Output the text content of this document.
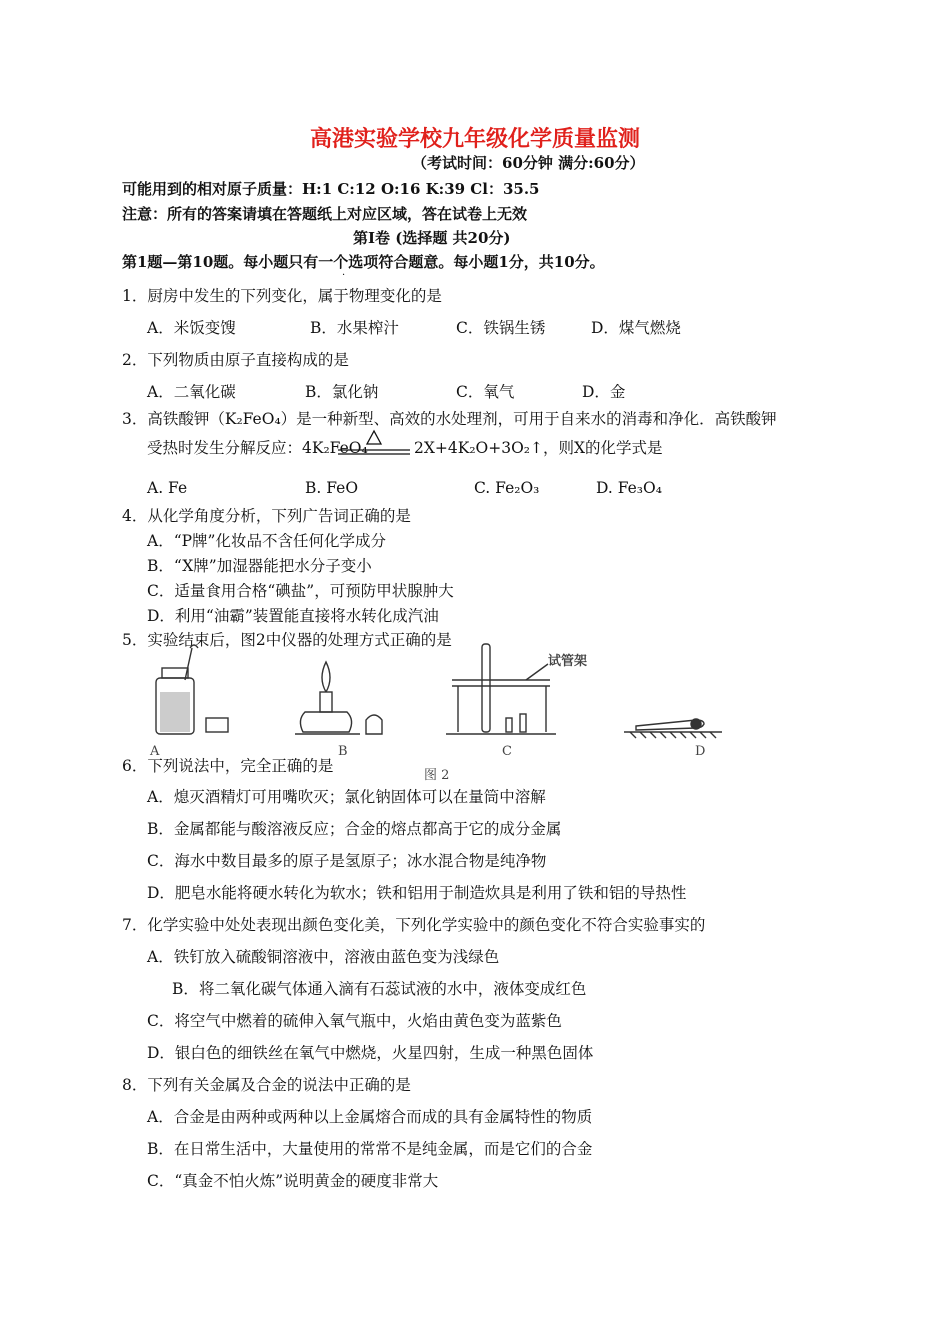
高港实验学校九年级化学质量监测
（考试时间：60分钟 满分:60分）
可能用到的相对原子质量：H:1 C:12 O:16 K:39 Cl：35.5
注意：所有的答案请填在答题纸上对应区域，答在试卷上无效
第Ⅰ卷 (选择题 共20分)
第1题—第10题。每小题只有一个选项符合题意。每小题1分，共10分。
·
1．厨房中发生的下列变化，属于物理变化的是
A．米饭变馊	B．水果榨汁	C．铁锅生锈	D．煤气燃烧
2．下列物质由原子直接构成的是
A．二氧化碳	B．氯化钠	C．氧气	D．金
3．高铁酸钾（K₂FeO₄）是一种新型、高效的水处理剂，可用于自来水的消毒和净化．高铁酸钾
受热时发生分解反应：4K₂FeO₄	2X+4K₂O+3O₂↑，则X的化学式是
A. Fe	B. FeO	C. Fe₂O₃	D. Fe₃O₄
4．从化学角度分析，下列广告词正确的是
A．“P牌”化妆品不含任何化学成分
B．“X牌”加湿器能把水分子变小
C．适量食用合格“碘盐”，可预防甲状腺肿大
D．利用“油霸”装置能直接将水转化成汽油
5．实验结束后，图2中仪器的处理方式正确的是
A	B	C	D
试管架
图 2
6．下列说法中，完全正确的是
A．熄灭酒精灯可用嘴吹灭；氯化钠固体可以在量筒中溶解
B．金属都能与酸溶液反应；合金的熔点都高于它的成分金属
C．海水中数目最多的原子是氢原子；冰水混合物是纯净物
D．肥皂水能将硬水转化为软水；铁和铝用于制造炊具是利用了铁和铝的导热性
7．化学实验中处处表现出颜色变化美，下列化学实验中的颜色变化不符合实验事实的
A．铁钉放入硫酸铜溶液中，溶液由蓝色变为浅绿色
B．将二氧化碳气体通入滴有石蕊试液的水中，液体变成红色
C．将空气中燃着的硫伸入氧气瓶中，火焰由黄色变为蓝紫色
D．银白色的细铁丝在氧气中燃烧，火星四射，生成一种黑色固体
8．下列有关金属及合金的说法中正确的是
A．合金是由两种或两种以上金属熔合而成的具有金属特性的物质
B．在日常生活中，大量使用的常常不是纯金属，而是它们的合金
C．“真金不怕火炼”说明黄金的硬度非常大
